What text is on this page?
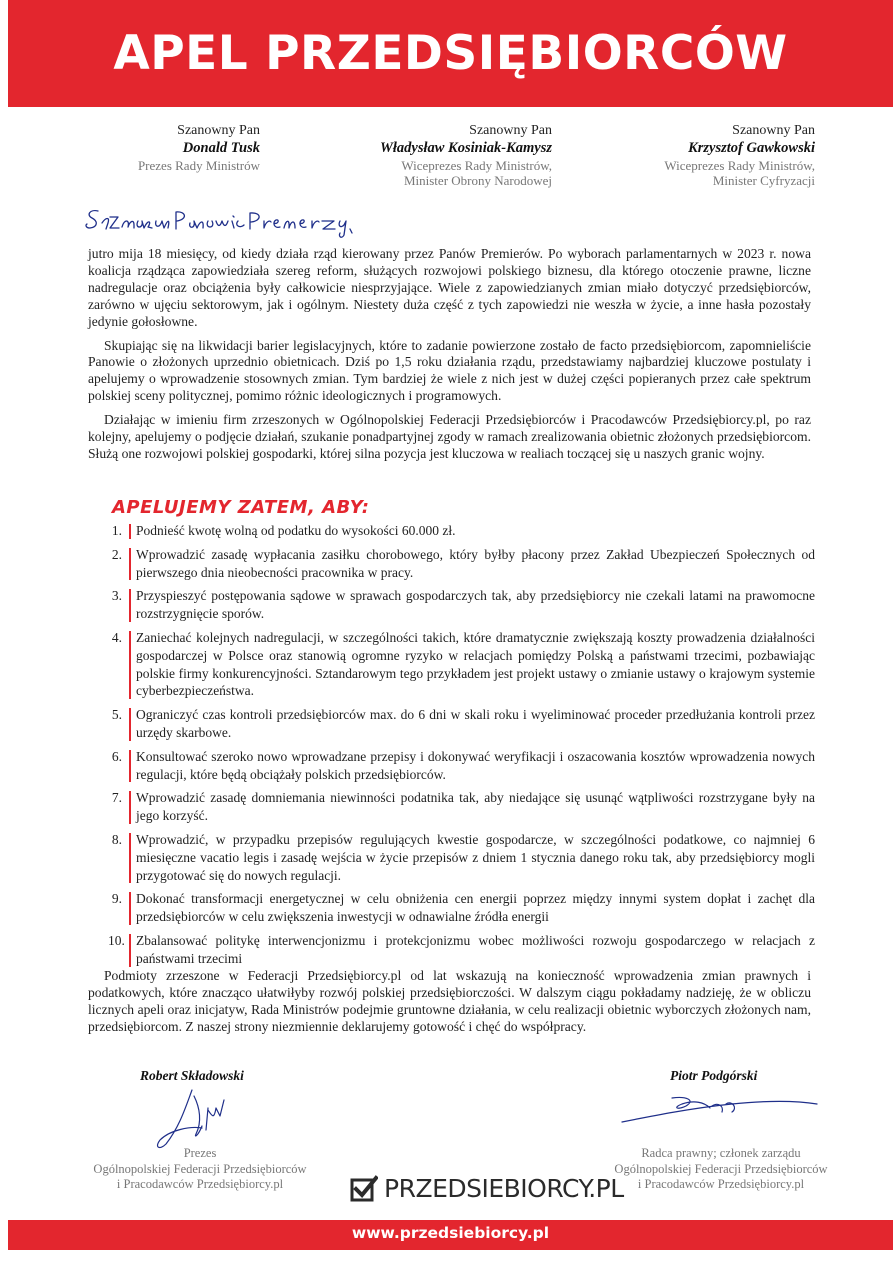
APEL PRZEDSIĘBIORCÓW
Szanowny Pan
Donald Tusk
Prezes Rady Ministrów
Szanowny Pan
Władysław Kosiniak-Kamysz
Wiceprezes Rady Ministrów,
Minister Obrony Narodowej
Szanowny Pan
Krzysztof Gawkowski
Wiceprezes Rady Ministrów,
Minister Cyfryzacji

jutro mija 18 miesięcy, od kiedy działa rząd kierowany przez Panów Premierów. Po wyborach parlamentarnych w 2023 r. nowa koalicja rządząca zapowiedziała szereg reform, służących rozwojowi polskiego biznesu, dla którego otoczenie prawne, liczne nadregulacje oraz obciążenia były całkowicie niesprzyjające. Wiele z zapowiedzianych zmian miało dotyczyć przedsiębiorców, zarówno w ujęciu sektorowym, jak i ogólnym. Niestety duża część z tych zapowiedzi nie weszła w życie, a inne hasła pozostały jedynie gołosłowne.

Skupiając się na likwidacji barier legislacyjnych, które to zadanie powierzone zostało de facto przedsiębiorcom, zapomnieliście Panowie o złożonych uprzednio obietnicach. Dziś po 1,5 roku działania rządu, przedstawiamy najbardziej kluczowe postulaty i apelujemy o wprowadzenie stosownych zmian. Tym bardziej że wiele z nich jest w dużej części popieranych przez całe spektrum polskiej sceny politycznej, pomimo różnic ideologicznych i programowych.

Działając w imieniu firm zrzeszonych w Ogólnopolskiej Federacji Przedsiębiorców i Pracodawców Przedsiębiorcy.pl, po raz kolejny, apelujemy o podjęcie działań, szukanie ponadpartyjnej zgody w ramach zrealizowania obietnic złożonych przedsiębiorcom. Służą one rozwojowi polskiej gospodarki, której silna pozycja jest kluczowa w realiach toczącej się u naszych granic wojny.

APELUJEMY ZATEM, ABY:
1.	Podnieść kwotę wolną od podatku do wysokości 60.000 zł.
2.	Wprowadzić zasadę wypłacania zasiłku chorobowego, który byłby płacony przez Zakład Ubezpieczeń Społecznych od pierwszego dnia nieobecności pracownika w pracy.
3.	Przyspieszyć postępowania sądowe w sprawach gospodarczych tak, aby przedsiębiorcy nie czekali latami na prawomocne rozstrzygnięcie sporów.
4.	Zaniechać kolejnych nadregulacji, w szczególności takich, które dramatycznie zwiększają koszty prowadzenia działalności gospodarczej w Polsce oraz stanowią ogromne ryzyko w relacjach pomiędzy Polską a państwami trzecimi, pozbawiając polskie firmy konkurencyjności. Sztandarowym tego przykładem jest projekt ustawy o zmianie ustawy o krajowym systemie cyberbezpieczeństwa.
5.	Ograniczyć czas kontroli przedsiębiorców max. do 6 dni w skali roku i wyeliminować proceder przedłużania kontroli przez urzędy skarbowe.
6.	Konsultować szeroko nowo wprowadzane przepisy i dokonywać weryfikacji i oszacowania kosztów wprowadzenia nowych regulacji, które będą obciążały polskich przedsiębiorców.
7.	Wprowadzić zasadę domniemania niewinności podatnika tak, aby niedające się usunąć wątpliwości rozstrzygane były na jego korzyść.
8.	Wprowadzić, w przypadku przepisów regulujących kwestie gospodarcze, w szczególności podatkowe, co najmniej 6 miesięczne vacatio legis i zasadę wejścia w życie przepisów z dniem 1 stycznia danego roku tak, aby przedsiębiorcy mogli przygotować się do nowych regulacji.
9.	Dokonać transformacji energetycznej w celu obniżenia cen energii poprzez między innymi system dopłat i zachęt dla przedsiębiorców w celu zwiększenia inwestycji w odnawialne źródła energii
10. Zbalansować politykę interwencjonizmu i protekcjonizmu wobec możliwości rozwoju gospodarczego w relacjach z państwami trzecimi

Podmioty zrzeszone w Federacji Przedsiębiorcy.pl od lat wskazują na konieczność wprowadzenia zmian prawnych i podatkowych, które znacząco ułatwiłyby rozwój polskiej przedsiębiorczości. W dalszym ciągu pokładamy nadzieję, że w obliczu licznych apeli oraz inicjatyw, Rada Ministrów podejmie gruntowne działania, w celu realizacji obietnic wyborczych złożonych nam, przedsiębiorcom. Z naszej strony niezmiennie deklarujemy gotowość i chęć do współpracy.

Robert Składowski
Prezes
Ogólnopolskiej Federacji Przedsiębiorców
i Pracodawców Przedsiębiorcy.pl
Piotr Podgórski
Radca prawny; członek zarządu
Ogólnopolskiej Federacji Przedsiębiorców
i Pracodawców Przedsiębiorcy.pl
PRZEDSIEBIORCY.PL
www.przedsiebiorcy.pl
